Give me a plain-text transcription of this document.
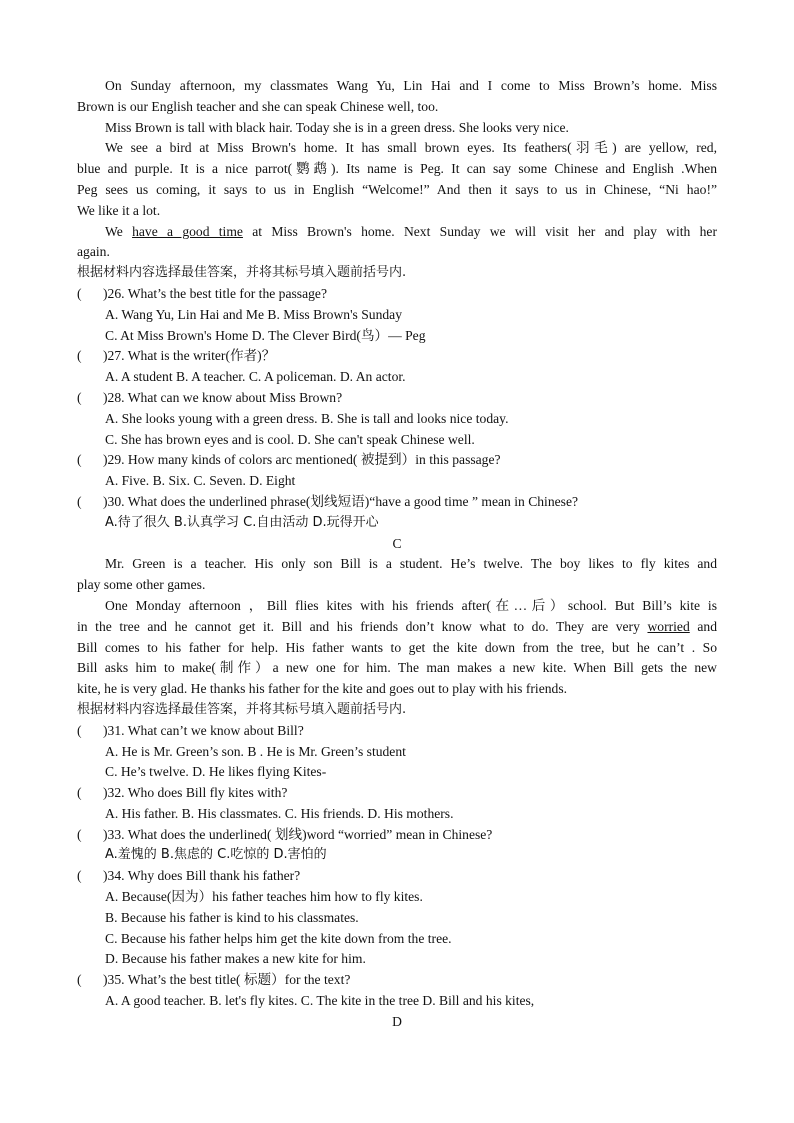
On Sunday afternoon, my classmates Wang Yu, Lin Hai and I come to Miss Brown’s home. Miss
Brown is our English teacher and she can speak Chinese well, too.
Miss Brown is tall with black hair. Today she is in a green dress. She looks very nice.
We see a bird at Miss Brown's home. It has small brown eyes. Its feathers(羽毛) are yellow, red,
blue and purple. It is a nice parrot(鹦鹉). Its name is Peg. It can say some Chinese and English .When
Peg sees us coming, it says to us in English “Welcome!” And then it says to us in Chinese, “Ni hao!”
We like it a lot.
We have a good time at Miss Brown's home. Next Sunday we will visit her and play with her
again.
根据材料内容选择最佳答案，并将其标号填入题前括号内.
( )26. What’s the best title for the passage?
A. Wang Yu, Lin Hai and Me B. Miss Brown's Sunday
C. At Miss Brown's Home D. The Clever Bird(鸟）— Peg
( )27. What is the writer(作者)？
A. A student B. A teacher. C. A policeman. D. An actor.
( )28. What can we know about Miss Brown?
A. She looks young with a green dress. B. She is tall and looks nice today.
C. She has brown eyes and is cool. D. She can't speak Chinese well.
( )29. How many kinds of colors arc mentioned( 被提到）in this passage?
A. Five. B. Six. C. Seven. D. Eight
( )30. What does the underlined phrase(划线短语)“have a good time ” mean in Chinese?
A.待了很久 B.认真学习 C.自由活动 D.玩得开心
C
Mr. Green is a teacher. His only son Bill is a student. He’s twelve. The boy likes to fly kites and
play some other games.
One Monday afternoon ，Bill flies kites with his friends after(在…后）school. But Bill’s kite is
in the tree and he cannot get it. Bill and his friends don’t know what to do. They are very worried and
Bill comes to his father for help. His father wants to get the kite down from the tree, but he can’t . So
Bill asks him to make(制作）a new one for him. The man makes a new kite. When Bill gets the new
kite, he is very glad. He thanks his father for the kite and goes out to play with his friends.
根据材料内容选择最佳答案，并将其标号填入题前括号内.
( )31. What can’t we know about Bill?
A. He is Mr. Green’s son. B . He is Mr. Green’s student
C. He’s twelve. D. He likes flying Kites-
( )32. Who does Bill fly kites with?
A. His father. B. His classmates. C. His friends. D. His mothers.
( )33. What does the underlined( 划线)word “worried” mean in Chinese?
A.羞愧的 B.焦虑的 C.吃惊的 D.害怕的
( )34. Why does Bill thank his father?
A. Because(因为）his father teaches him how to fly kites.
B. Because his father is kind to his classmates.
C. Because his father helps him get the kite down from the tree.
D. Because his father makes a new kite for him.
( )35. What’s the best title( 标题）for the text?
A. A good teacher. B. let's fly kites. C. The kite in the tree D. Bill and his kites,
D
